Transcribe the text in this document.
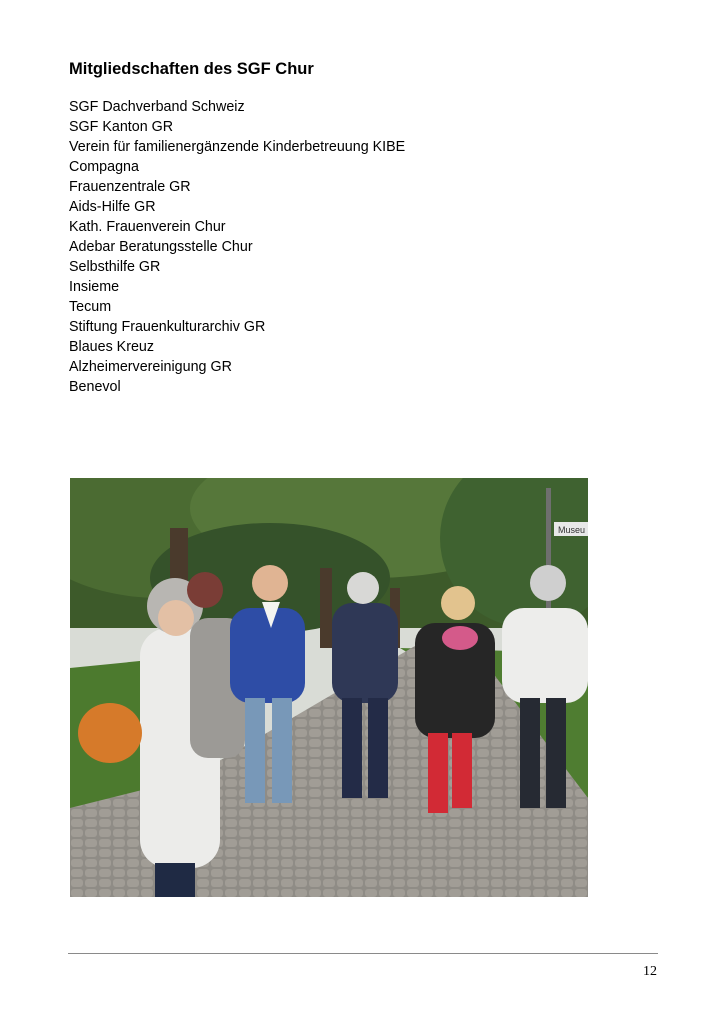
Mitgliedschaften des SGF Chur
SGF Dachverband Schweiz
SGF Kanton GR
Verein für familienergänzende Kinderbetreuung KIBE
Compagna
Frauenzentrale GR
Aids-Hilfe GR
Kath. Frauenverein Chur
Adebar Beratungsstelle Chur
Selbsthilfe GR
Insieme
Tecum
Stiftung Frauenkulturarchiv GR
Blaues Kreuz
Alzheimervereinigung GR
Benevol
Museu
12
